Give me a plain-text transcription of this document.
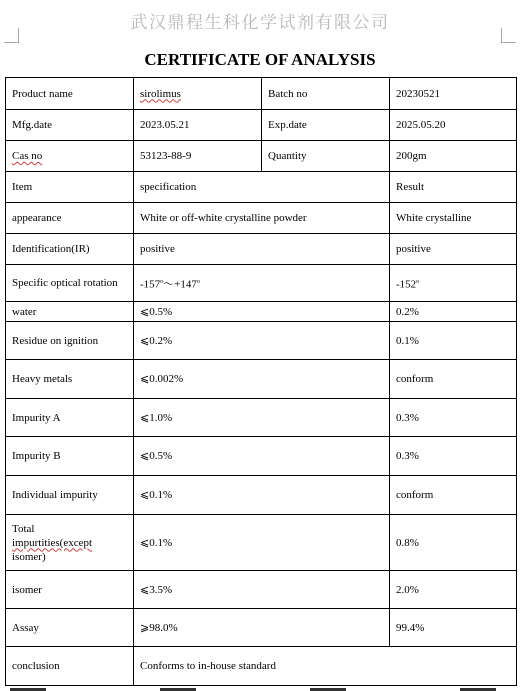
武汉鼎程生科化学试剂有限公司
CERTIFICATE OF ANALYSIS
Product name	sirolimus	Batch no	20230521
Mfg.date	2023.05.21	Exp.date	2025.05.20
Cas no	53123-88-9	Quantity	200gm
Item	specification		Result
appearance	White or off-white crystalline powder		White crystalline
Identification(IR)	positive		positive
Specific optical rotation	$-157^o\sim+147^o$		-152$^o$
water	⩽0.5%		0.2%
Residue on ignition	⩽0.2%		0.1%
Heavy metals	⩽0.002%		conform
Impurity A	⩽1.0%		0.3%
Impurity B	⩽0.5%		0.3%
Individual impurity	⩽0.1%		conform

Total
impurtities(except
isomer)	⩽0.1%		0.8%
isomer	⩽3.5%		2.0%
Assay	⩾98.0%		99.4%
conclusion	Conforms to in-house standard		
